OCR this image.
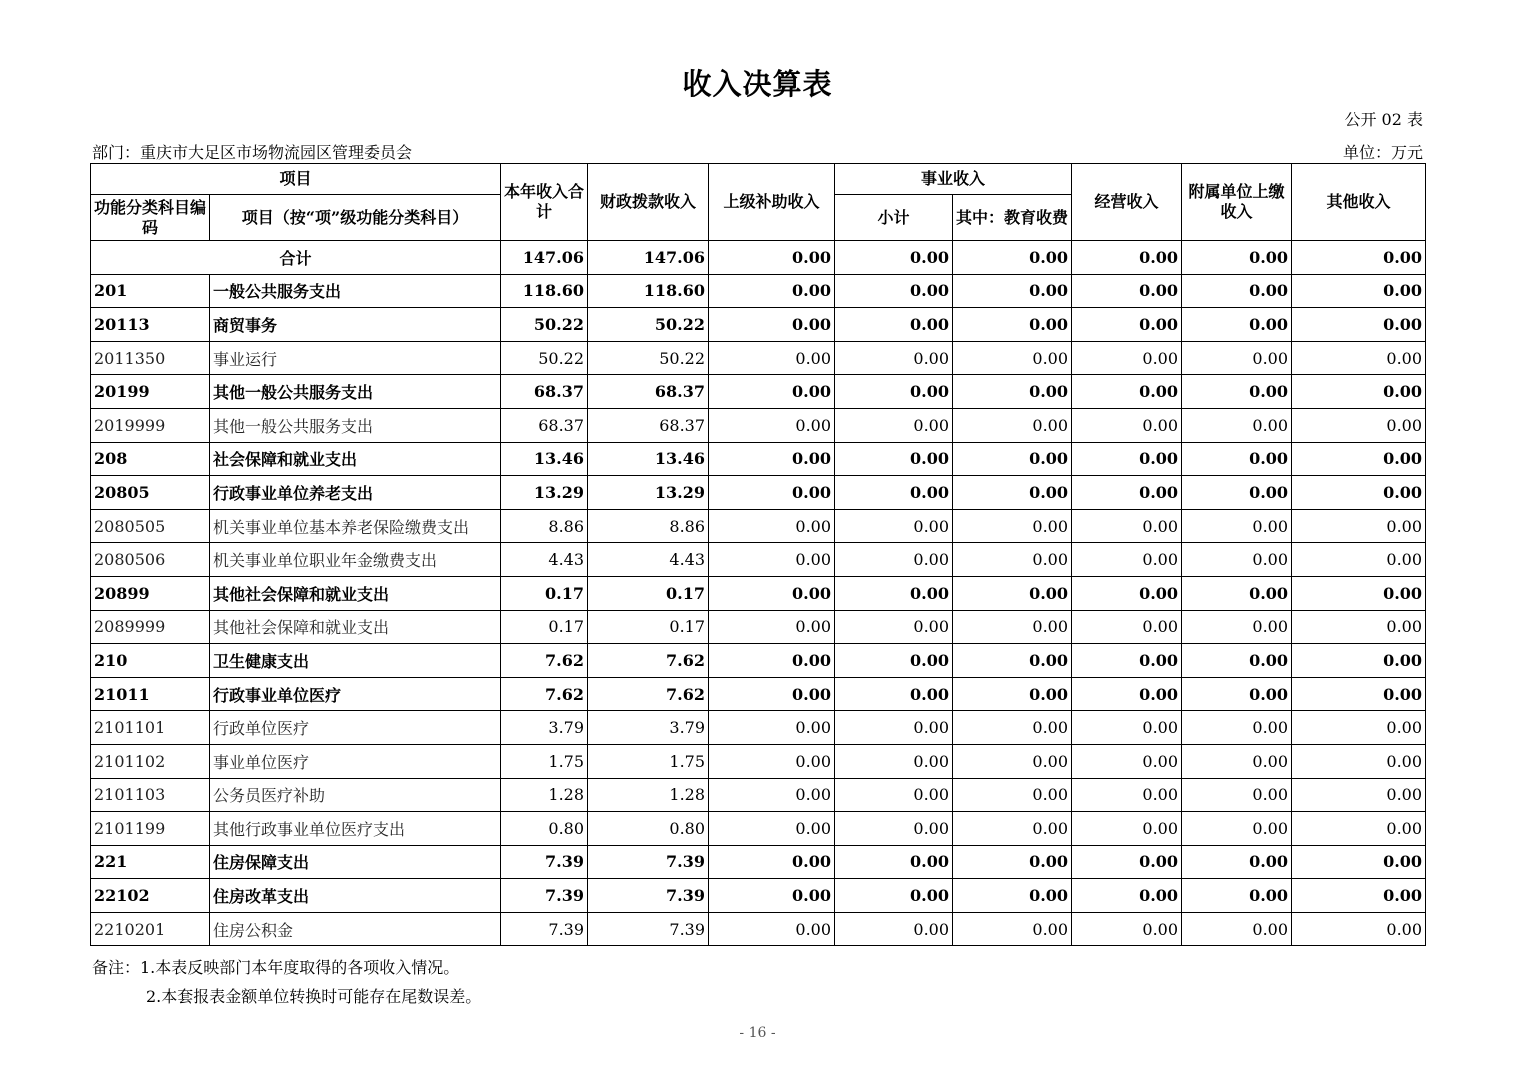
收入决算表
公开 02 表
部门：重庆市大足区市场物流园区管理委员会	单位：万元
项目		本年收入合计	财政拨款收入	上级补助收入	事业收入		经营收入	附属单位上缴收入	其他收入
功能分类科目编码	项目（按“项”级功能分类科目）				小计	其中：教育收费			
合计		147.06	147.06	0.00	0.00	0.00	0.00	0.00	0.00
201	一般公共服务支出	118.60	118.60	0.00	0.00	0.00	0.00	0.00	0.00
20113	商贸事务	50.22	50.22	0.00	0.00	0.00	0.00	0.00	0.00
2011350	事业运行	50.22	50.22	0.00	0.00	0.00	0.00	0.00	0.00
20199	其他一般公共服务支出	68.37	68.37	0.00	0.00	0.00	0.00	0.00	0.00
2019999	其他一般公共服务支出	68.37	68.37	0.00	0.00	0.00	0.00	0.00	0.00
208	社会保障和就业支出	13.46	13.46	0.00	0.00	0.00	0.00	0.00	0.00
20805	行政事业单位养老支出	13.29	13.29	0.00	0.00	0.00	0.00	0.00	0.00
2080505	机关事业单位基本养老保险缴费支出	8.86	8.86	0.00	0.00	0.00	0.00	0.00	0.00
2080506	机关事业单位职业年金缴费支出	4.43	4.43	0.00	0.00	0.00	0.00	0.00	0.00
20899	其他社会保障和就业支出	0.17	0.17	0.00	0.00	0.00	0.00	0.00	0.00
2089999	其他社会保障和就业支出	0.17	0.17	0.00	0.00	0.00	0.00	0.00	0.00
210	卫生健康支出	7.62	7.62	0.00	0.00	0.00	0.00	0.00	0.00
21011	行政事业单位医疗	7.62	7.62	0.00	0.00	0.00	0.00	0.00	0.00
2101101	行政单位医疗	3.79	3.79	0.00	0.00	0.00	0.00	0.00	0.00
2101102	事业单位医疗	1.75	1.75	0.00	0.00	0.00	0.00	0.00	0.00
2101103	公务员医疗补助	1.28	1.28	0.00	0.00	0.00	0.00	0.00	0.00
2101199	其他行政事业单位医疗支出	0.80	0.80	0.00	0.00	0.00	0.00	0.00	0.00
221	住房保障支出	7.39	7.39	0.00	0.00	0.00	0.00	0.00	0.00
22102	住房改革支出	7.39	7.39	0.00	0.00	0.00	0.00	0.00	0.00
2210201	住房公积金	7.39	7.39	0.00	0.00	0.00	0.00	0.00	0.00
备注：1.本表反映部门本年度取得的各项收入情况。
2.本套报表金额单位转换时可能存在尾数误差。
- 16 -
